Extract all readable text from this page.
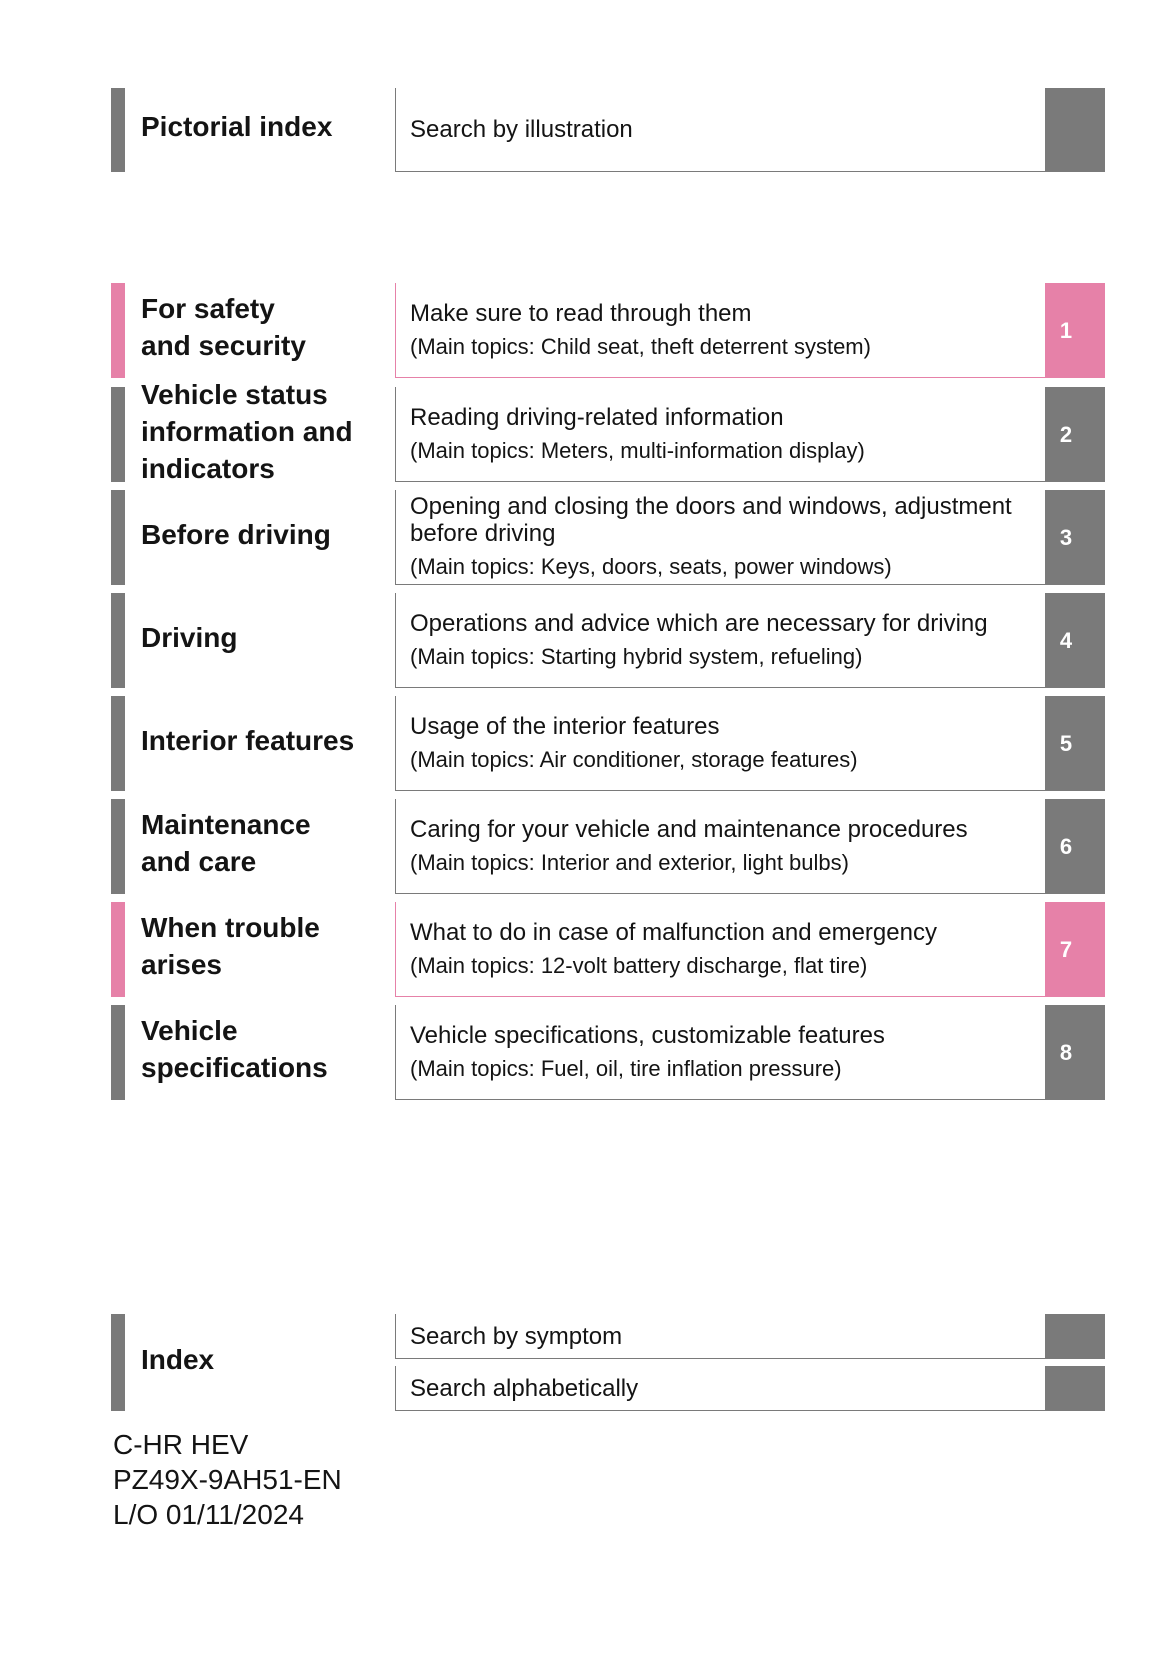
Pictorial index	Search by illustration
For safety
and security
Make sure to read through them
(Main topics: Child seat, theft deterrent system)
1
Vehicle status
information and
indicators
Reading driving-related information
(Main topics: Meters, multi-information display)
2
Before driving
Opening and closing the doors and windows, adjustment
before driving
(Main topics: Keys, doors, seats, power windows)
3
Driving	Operations and advice which are necessary for driving
(Main topics: Starting hybrid system, refueling)
4
Interior features Usage of the interior features
(Main topics: Air conditioner, storage features)
5
Maintenance
and care
Caring for your vehicle and maintenance procedures
(Main topics: Interior and exterior, light bulbs)
6
When trouble
arises
What to do in case of malfunction and emergency
(Main topics: 12-volt battery discharge, flat tire)
7
Vehicle
specifications
Vehicle specifications, customizable features
(Main topics: Fuel, oil, tire inflation pressure)
8
Index
Search by symptom
Search alphabetically
C-HR HEV
PZ49X-9AH51-EN
L/O 01/11/2024
